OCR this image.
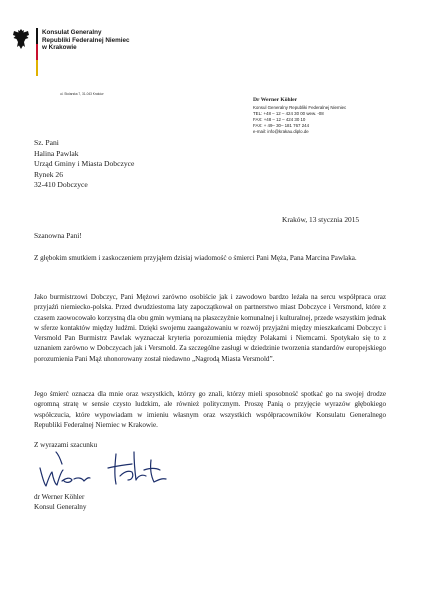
Konsulat Generalny
Republiki Federalnej Niemiec
w Krakowie
ul. Stolarska 7, 31-043 Kraków
Dr Werner Köhler
Konsul Generalny Republiki Federalnej Niemiec
TEL: +48 – 12 – 424 30 00 wew. -08
FAX: +48 – 12 – 424 30 10
FAX: + 49– 30– 181 767 244
e-mail: info@krakau.diplo.de
Sz. Pani
Halina Pawlak
Urząd Gminy i Miasta Dobczyce
Rynek 26
32-410 Dobczyce
Kraków, 13 stycznia 2015
Szanowna Pani!

Z głębokim smutkiem i zaskoczeniem przyjąłem dzisiaj wiadomość o śmierci Pani Męża, Pana Marcina Pawlaka.

Jako burmistrzowi Dobczyc, Pani Mężowi zarówno osobiście jak i zawodowo bardzo leżała na sercu współpraca oraz przyjaźń niemiecko-polska. Przed dwudziestoma laty zapoczątkował on partnerstwo miast Dobczyce i Versmond, które z czasem zaowocowało korzystną dla obu gmin wymianą na płaszczyźnie komunalnej i kulturalnej, przede wszystkim jednak w sferze kontaktów między ludźmi. Dzięki swojemu zaangażowaniu w rozwój przyjaźni między mieszkańcami Dobczyc i Versmold Pan Burmistrz Pawlak wyznaczał kryteria porozumienia między Polakami i Niemcami. Spotykało się to z uznaniem zarówno w Dobczycach jak i Versmold. Za szczególne zasługi w dziedzinie tworzenia standardów europejskiego porozumienia Pani Mąż uhonorowany został niedawno „Nagrodą Miasta Versmold”.

Jego śmierć oznacza dla mnie oraz wszystkich, którzy go znali, którzy mieli sposobność spotkać go na swojej drodze ogromną stratę w sensie czysto ludzkim, ale również politycznym. Proszę Panią o przyjęcie wyrazów głębokiego współczucia, które wypowiadam w imieniu własnym oraz wszystkich współpracowników Konsulatu Generalnego Republiki Federalnej Niemiec w Krakowie.

Z wyrazami szacunku
dr Werner Köhler
Konsul Generalny
